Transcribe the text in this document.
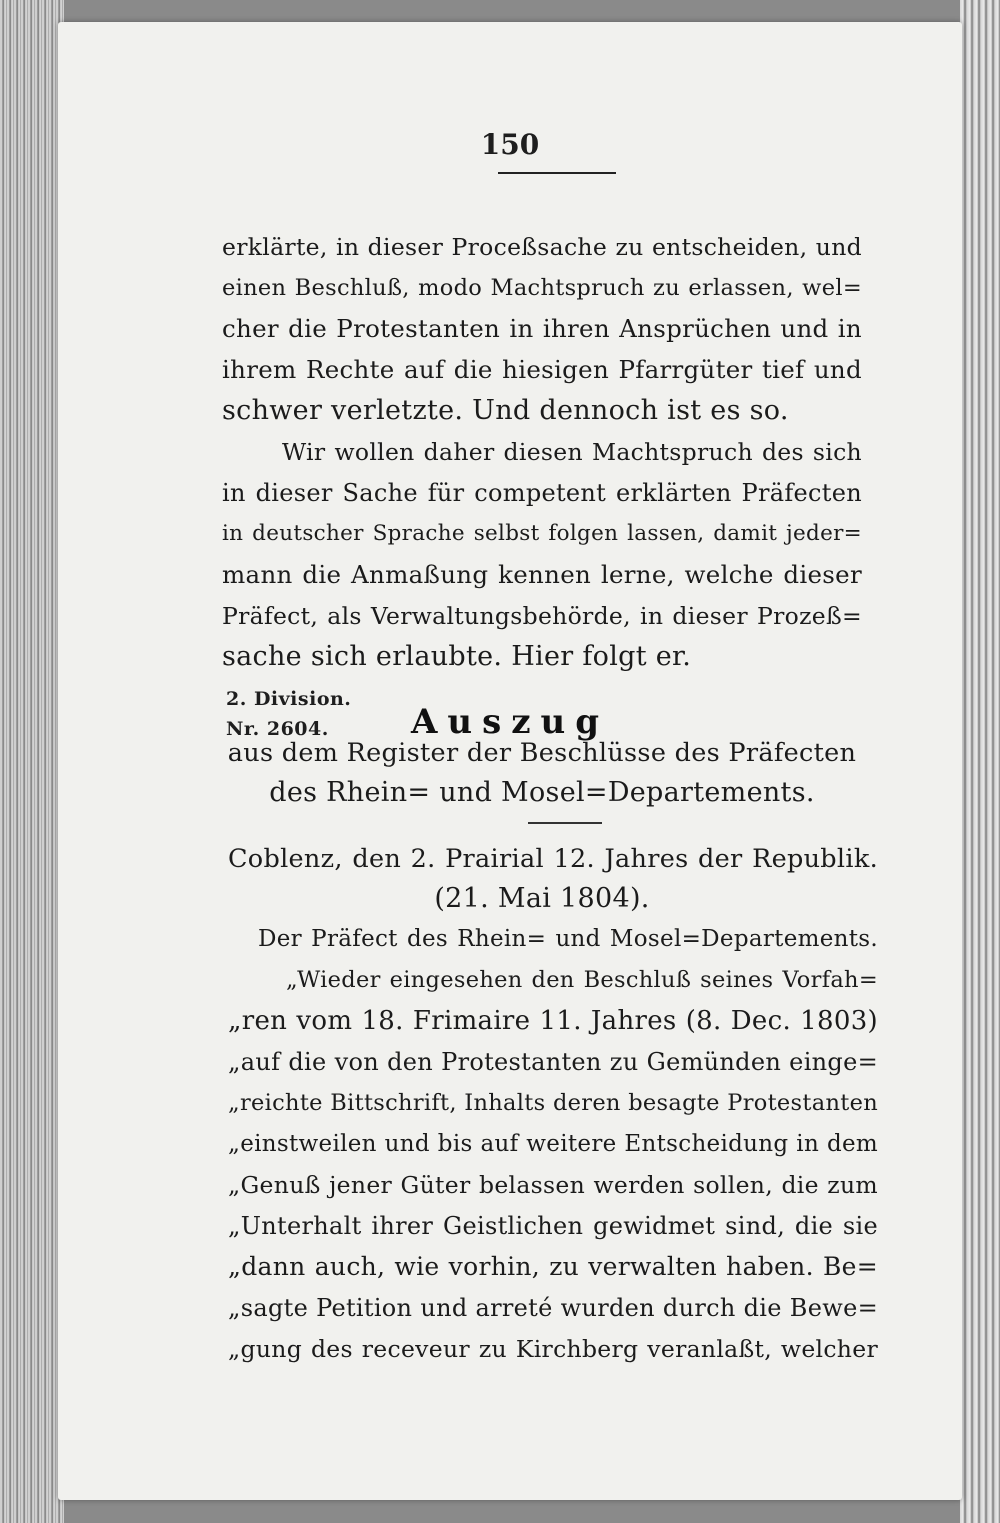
150
erklärte, in dieser Proceßsache zu entscheiden, und
einen Beschluß, modo Machtspruch zu erlassen, wel=
cher die Protestanten in ihren Ansprüchen und in
ihrem Rechte auf die hiesigen Pfarrgüter tief und
schwer verletzte. Und dennoch ist es so.
Wir wollen daher diesen Machtspruch des sich
in dieser Sache für competent erklärten Präfecten
in deutscher Sprache selbst folgen lassen, damit jeder=
mann die Anmaßung kennen lerne, welche dieser
Präfect, als Verwaltungsbehörde, in dieser Prozeß=
sache sich erlaubte. Hier folgt er.
2. Division.
Nr. 2604.	Auszug
aus dem Register der Beschlüsse des Präfecten
des Rhein= und Mosel=Departements.
Coblenz, den 2. Prairial 12. Jahres der Republik.
(21. Mai 1804).
Der Präfect des Rhein= und Mosel=Departements.
„Wieder eingesehen den Beschluß seines Vorfah=
„ren vom 18. Frimaire 11. Jahres (8. Dec. 1803)
„auf die von den Protestanten zu Gemünden einge=
„reichte Bittschrift, Inhalts deren besagte Protestanten
„einstweilen und bis auf weitere Entscheidung in dem
„Genuß jener Güter belassen werden sollen, die zum
„Unterhalt ihrer Geistlichen gewidmet sind, die sie
„dann auch, wie vorhin, zu verwalten haben. Be=
„sagte Petition und arreté wurden durch die Bewe=
„gung des receveur zu Kirchberg veranlaßt, welcher
